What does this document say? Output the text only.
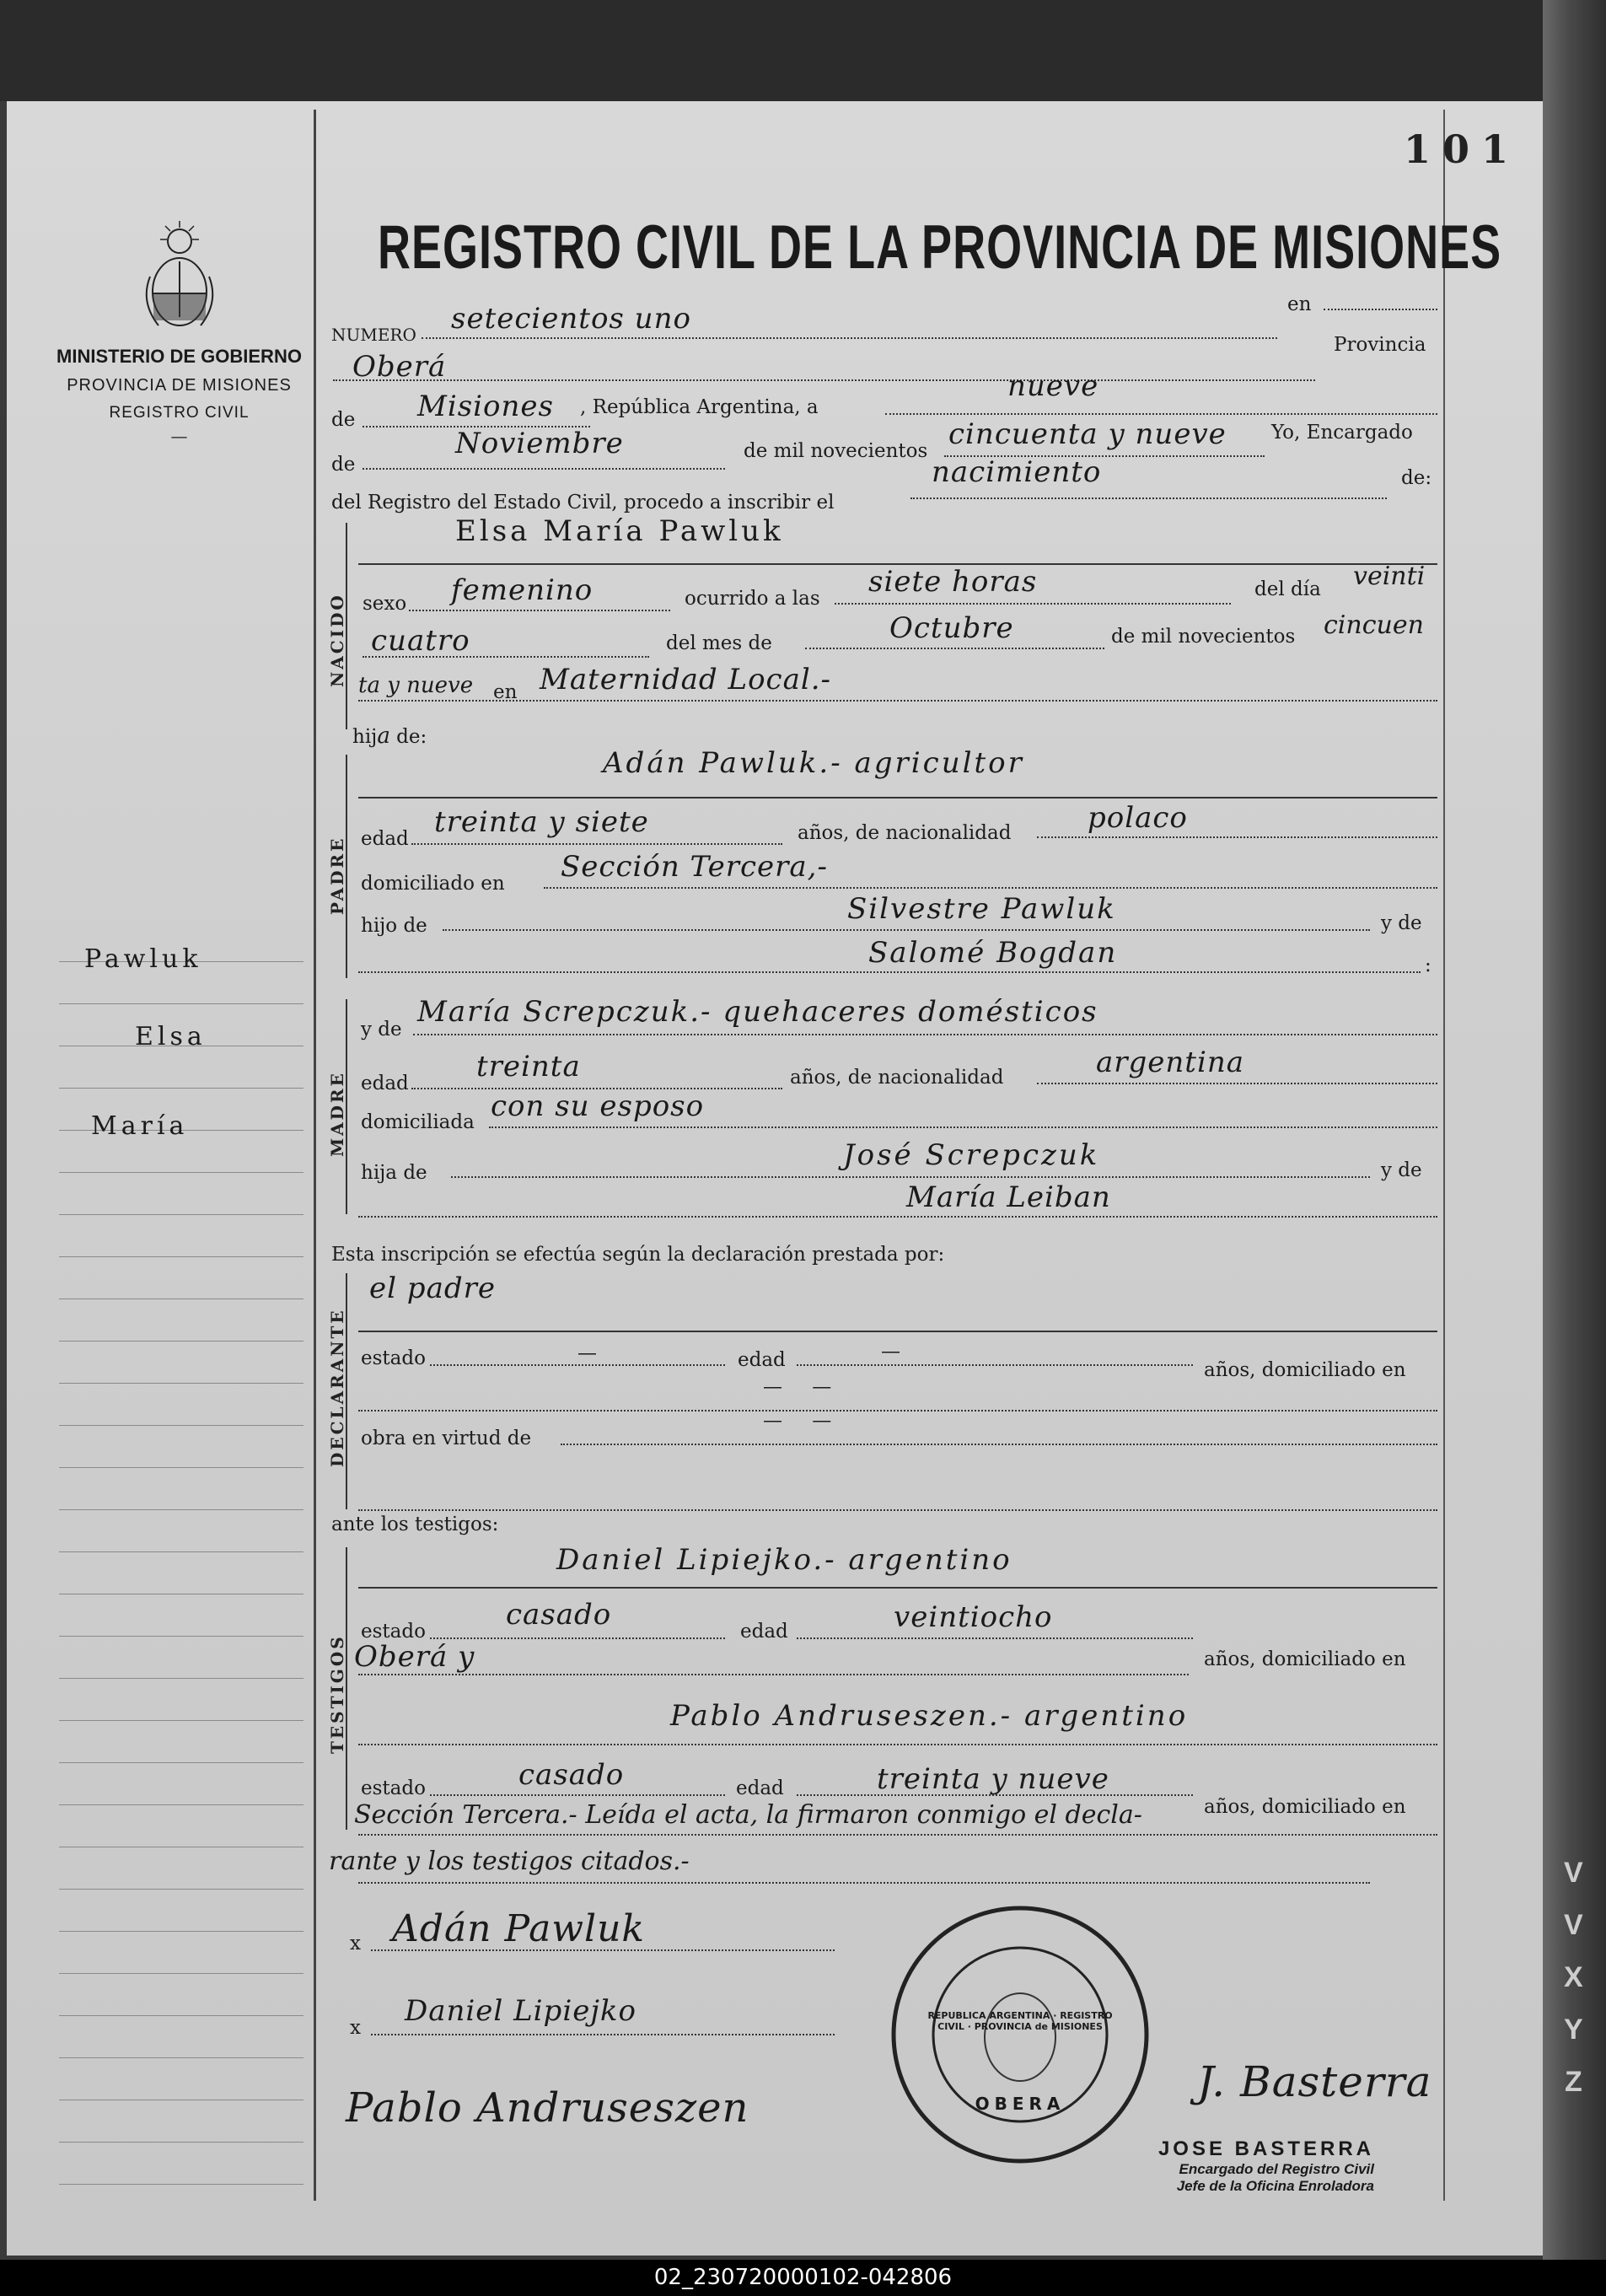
V
V
X
Y
Z
101
MINISTERIO DE GOBIERNO
PROVINCIA DE MISIONES
REGISTRO CIVIL
—
Pawluk
Elsa
María
REGISTRO CIVIL DE LA PROVINCIA DE MISIONES
NUMERO setecientos uno	en
Oberá
Provincia
de Misiones , República Argentina, a
nueve
de
Noviembre	de mil novecientos cincuenta y nueve Yo, Encargado
del Registro del Estado Civil, procedo a inscribir el
nacimiento	de:
NACIDO
Elsa María Pawluk
sexo femenino	ocurrido a las siete horas	del día veinti
cuatro	del mes de	Octubre	de mil novecientos cincuen
ta y nueve en Maternidad Local.-
hija de:
PADRE
Adán Pawluk.- agricultor
edad treinta y siete	años, de nacionalidad	polaco
domiciliado en Sección Tercera,-
hijo de	Silvestre Pawluk	y de
Salomé Bogdan	:
MADRE
y de
María Screpczuk.- quehaceres domésticos
edad treinta	años, de nacionalidad	argentina
domiciliada con su esposo
hija de
José Screpczuk	y de
María Leiban
Esta inscripción se efectúa según la declaración prestada por:
DECLARANTE
el padre
estado	—	edad	—
años, domiciliado en
— —
obra en virtud de
— —
ante los testigos:
TESTIGOS
Daniel Lipiejko.- argentino
estado	casado	edad	veintiocho
años, domiciliado en
Oberá y
Pablo Andruseszen.- argentino
estado	casado	edad	treinta y nueve
años, domiciliado en
Sección Tercera.- Leída el acta, la firmaron conmigo el decla-
rante y los testigos citados.-
x Adán Pawluk
x Daniel Lipiejko
Pablo Andruseszen
REPUBLICA ARGENTINA · REGISTRO CIVIL · PROVINCIA de MISIONES
OBERA	J. Basterra
JOSE BASTERRA
Encargado del Registro Civil
Jefe de la Oficina Enroladora
02_230720000102-042806
